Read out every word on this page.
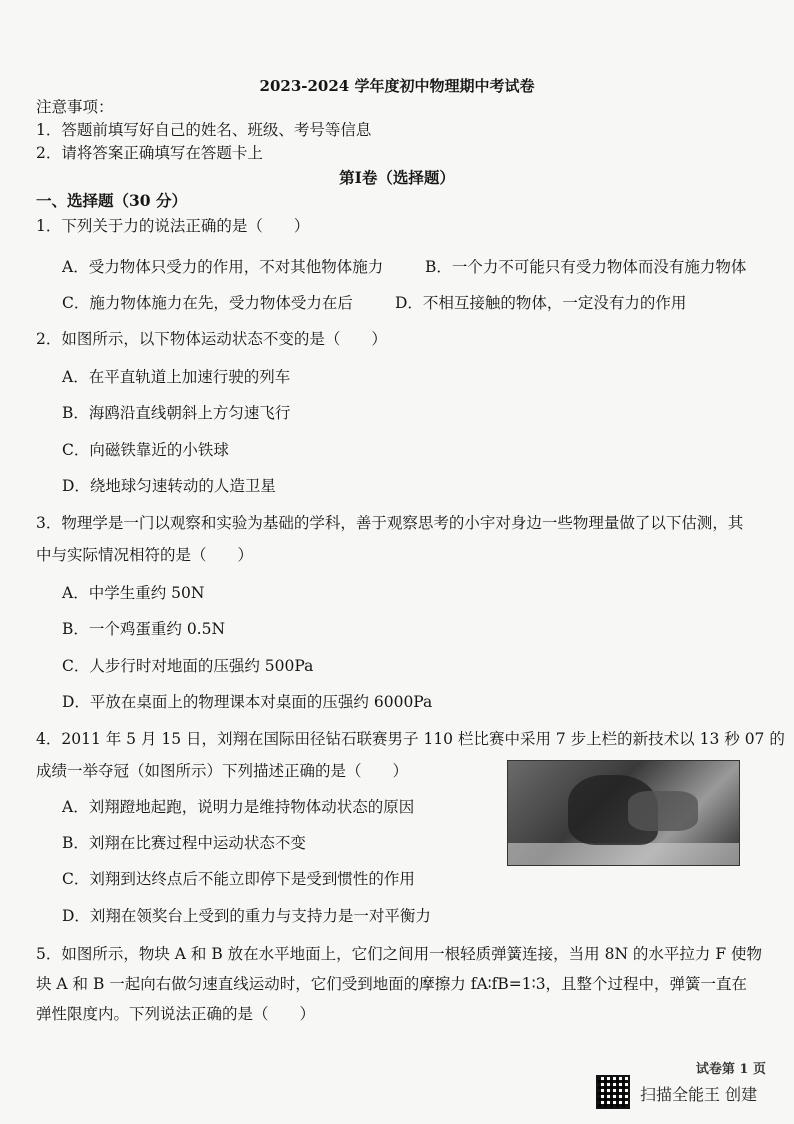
2023-2024 学年度初中物理期中考试卷
注意事项：
1．答题前填写好自己的姓名、班级、考号等信息
2．请将答案正确填写在答题卡上
第Ⅰ卷（选择题）
一、选择题（30 分）
1．下列关于力的说法正确的是（　　）
A．受力物体只受力的作用，不对其他物体施力	B．一个力不可能只有受力物体而没有施力物体
C．施力物体施力在先，受力物体受力在后	D．不相互接触的物体，一定没有力的作用
2．如图所示，以下物体运动状态不变的是（　　）
A．在平直轨道上加速行驶的列车
B．海鸥沿直线朝斜上方匀速飞行
C．向磁铁靠近的小铁球
D．绕地球匀速转动的人造卫星
3．物理学是一门以观察和实验为基础的学科，善于观察思考的小宇对身边一些物理量做了以下估测，其
中与实际情况相符的是（　　）
A．中学生重约 50N
B．一个鸡蛋重约 0.5N
C．人步行时对地面的压强约 500Pa
D．平放在桌面上的物理课本对桌面的压强约 6000Pa
4．2011 年 5 月 15 日，刘翔在国际田径钻石联赛男子 110 栏比赛中采用 7 步上栏的新技术以 13 秒 07 的
成绩一举夺冠（如图所示）下列描述正确的是（　　）
A．刘翔蹬地起跑，说明力是维持物体动状态的原因
B．刘翔在比赛过程中运动状态不变
C．刘翔到达终点后不能立即停下是受到惯性的作用
D．刘翔在领奖台上受到的重力与支持力是一对平衡力
5．如图所示，物块 A 和 B 放在水平地面上，它们之间用一根轻质弹簧连接，当用 8N 的水平拉力 F 使物
块 A 和 B 一起向右做匀速直线运动时，它们受到地面的摩擦力 fA∶fB=1∶3，且整个过程中，弹簧一直在
弹性限度内。下列说法正确的是（　　）
试卷第 1 页
扫描全能王 创建
